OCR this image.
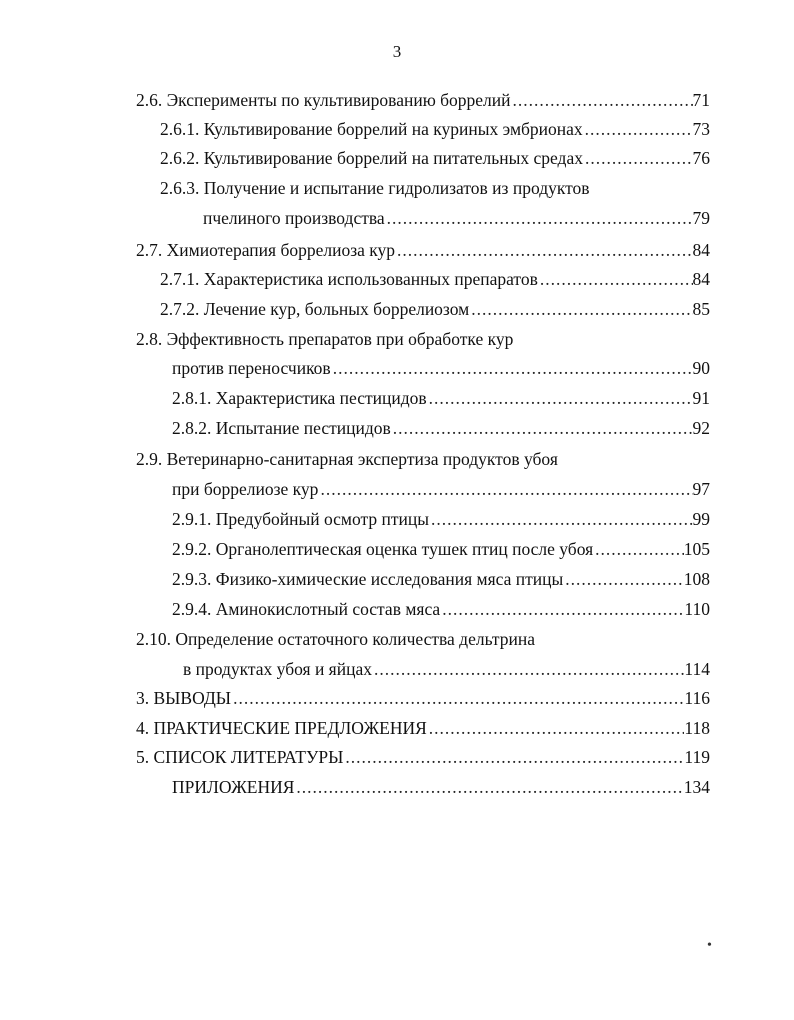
3
2.6. Эксперименты по культивированию боррелий .....	71
2.6.1. Культивирование боррелий на куриных эмбрионах .....	73
2.6.2. Культивирование боррелий на питательных средах .....	76
2.6.3. Получение и испытание гидролизатов из продуктов
пчелиного производства .....	79
2.7. Химиотерапия боррелиоза кур .....	84
2.7.1. Характеристика использованных препаратов .....	84
2.7.2. Лечение кур, больных боррелиозом .....	85
2.8. Эффективность препаратов при обработке кур
против переносчиков .....	90
2.8.1. Характеристика пестицидов .....	91
2.8.2. Испытание пестицидов .....	92
2.9. Ветеринарно-санитарная экспертиза продуктов убоя
при боррелиозе кур .....	97
2.9.1. Предубойный осмотр птицы .....	99
2.9.2. Органолептическая оценка тушек птиц после убоя .....	105
2.9.3. Физико-химические исследования мяса птицы .....	108
2.9.4. Аминокислотный состав мяса .....	110
2.10. Определение остаточного количества дельтрина
в продуктах убоя и яйцах .....	114
3. ВЫВОДЫ .....	116
4. ПРАКТИЧЕСКИЕ ПРЕДЛОЖЕНИЯ .....	118
5. СПИСОК ЛИТЕРАТУРЫ .....	119
ПРИЛОЖЕНИЯ .....	134
•
